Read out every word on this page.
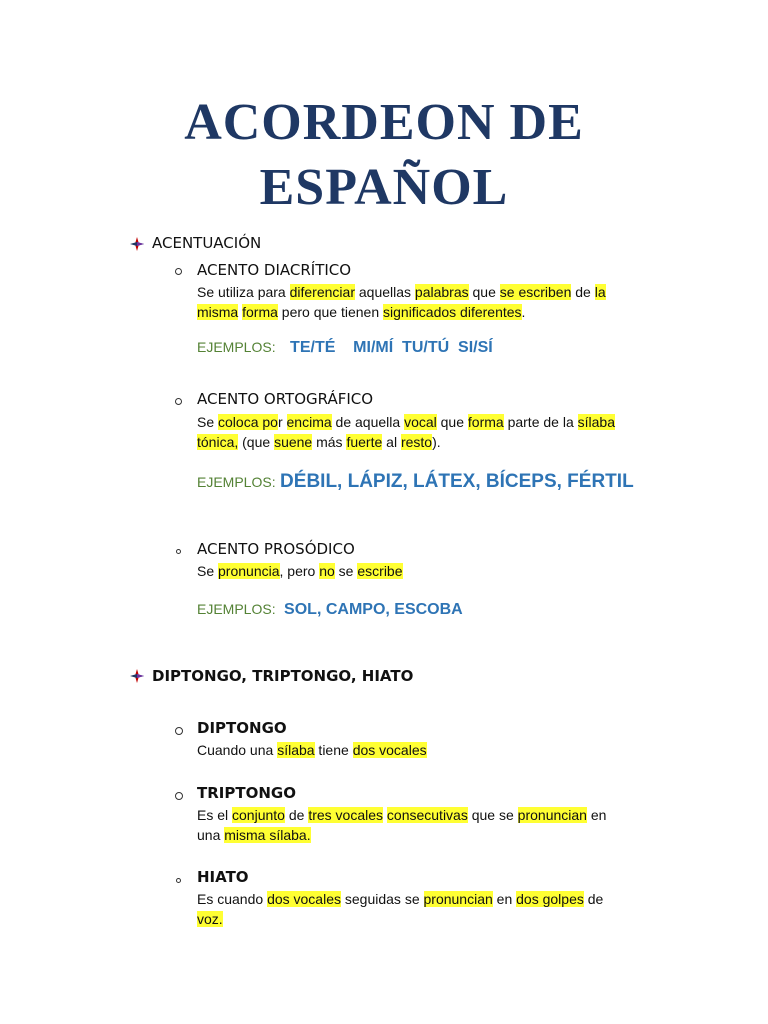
ACORDEON DE
ESPAÑOL
ACENTUACIÓN
ACENTO DIACRÍTICO
Se utiliza para diferenciar aquellas palabras que se escriben de la
misma forma pero que tienen significados diferentes.
EJEMPLOS: TE/TÉ    MI/MÍ  TU/TÚ  SI/SÍ
ACENTO ORTOGRÁFICO
Se coloca por encima de aquella vocal que forma parte de la sílaba
tónica, (que suene más fuerte al resto).
EJEMPLOS: DÉBIL, LÁPIZ, LÁTEX, BÍCEPS, FÉRTIL
ACENTO PROSÓDICO
Se pronuncia, pero no se escribe
EJEMPLOS: SOL, CAMPO, ESCOBA
DIPTONGO, TRIPTONGO, HIATO
DIPTONGO
Cuando una sílaba tiene dos vocales
TRIPTONGO
Es el conjunto de tres vocales consecutivas que se pronuncian en
una misma sílaba.
HIATO
Es cuando dos vocales seguidas se pronuncian en dos golpes de
voz.
